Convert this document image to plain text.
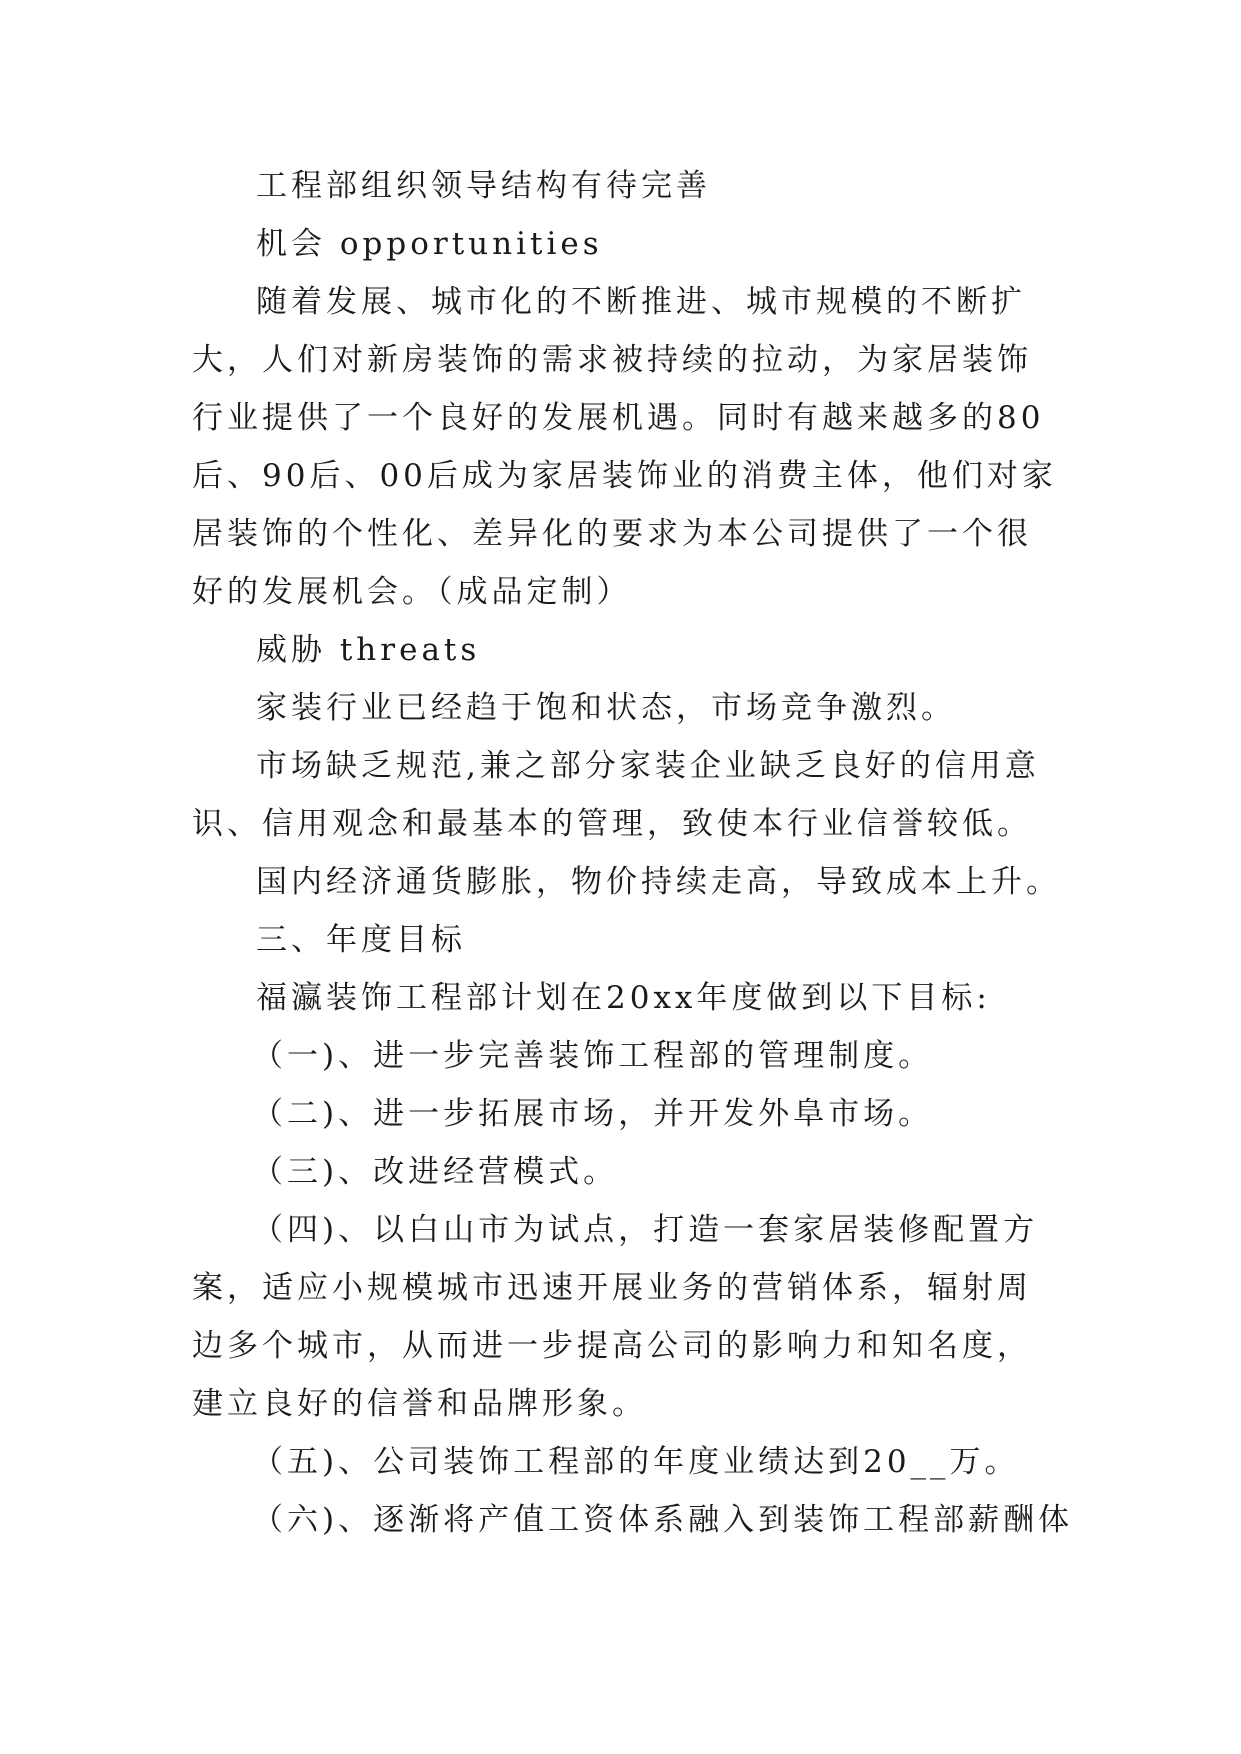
工程部组织领导结构有待完善

机会 opportunities

随着发展、城市化的不断推进、城市规模的不断扩大，人们对新房装饰的需求被持续的拉动，为家居装饰行业提供了一个良好的发展机遇。同时有越来越多的80后、90后、00后成为家居装饰业的消费主体，他们对家居装饰的个性化、差异化的要求为本公司提供了一个很好的发展机会。（成品定制）

威胁 threats

家装行业已经趋于饱和状态，市场竞争激烈。

市场缺乏规范,兼之部分家装企业缺乏良好的信用意识、信用观念和最基本的管理，致使本行业信誉较低。

国内经济通货膨胀，物价持续走高，导致成本上升。

三、年度目标

福瀛装饰工程部计划在20xx年度做到以下目标:

（一)、进一步完善装饰工程部的管理制度。

（二)、进一步拓展市场，并开发外阜市场。

（三)、改进经营模式。

（四)、以白山市为试点，打造一套家居装修配置方案，适应小规模城市迅速开展业务的营销体系，辐射周边多个城市，从而进一步提高公司的影响力和知名度，建立良好的信誉和品牌形象。

（五)、公司装饰工程部的年度业绩达到20__万。

（六)、逐渐将产值工资体系融入到装饰工程部薪酬体
